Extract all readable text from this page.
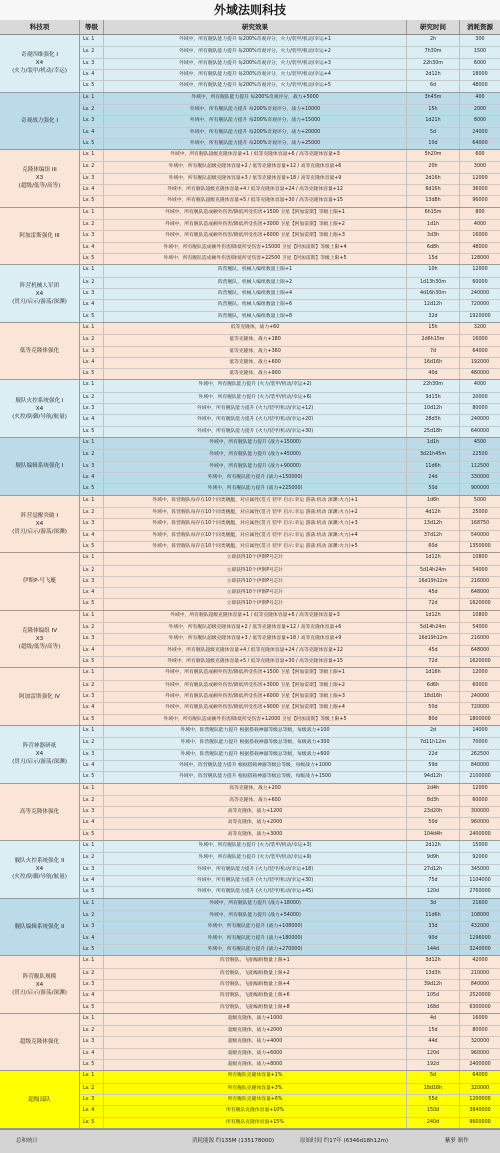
外域法则科技
科技项	等级	研究效果	研究时间	消耗资源
奇观四维强化 I
X4
(火力/装甲/机动/幸运)
Lv. 1	外域中，所有舰队能力提升 每200%奇观评分，火力/装甲/机动/幸运+1	2h	300
Lv. 2	外域中，所有舰队能力提升 每200%奇观评分，火力/装甲/机动/幸运+2	7h30m	1500
Lv. 3	外域中，所有舰队能力提升 每200%奇观评分，火力/装甲/机动/幸运+3	22h30m	6000
Lv. 4	外域中，所有舰队能力提升 每200%奇观评分，火力/装甲/机动/幸运+4	2d12h	18000
Lv. 5	外域中，所有舰队能力提升 每200%奇观评分，火力/装甲/机动/幸运+5	6d	48000
奇观战力强化 I
Lv. 1	外域中，所有舰队能力提升 每200%奇观评分，战力+5000	3h45m	400
Lv. 2	外域中，所有舰队能力提升 每200%奇观评分，战力+10000	15h	2000
Lv. 3	外域中，所有舰队能力提升 每200%奇观评分，战力+15000	1d21h	8000
Lv. 4	外域中，所有舰队能力提升 每200%奇观评分，战力+20000	5d	24000
Lv. 5	外域中，所有舰队能力提升 每200%奇观评分，战力+25000	10d	64000
克隆体编组 III
X3
(超级/低等/高等)
Lv. 1	外域中，所有舰队超级克隆体容量+1 / 低等克隆体容量+6 / 高等克隆体容量+3	5h20m	600
Lv. 2	外域中，所有舰队超级克隆体容量+2 / 低等克隆体容量+12 / 高等克隆体容量+6	20h	3000
Lv. 3	外域中，所有舰队超级克隆体容量+3 / 低等克隆体容量+18 / 高等克隆体容量+9	2d16h	12000
Lv. 4	外域中，所有舰队超级克隆体容量+4 / 低等克隆体容量+24 / 高等克隆体容量+12	6d16h	36000
Lv. 5	外域中，所有舰队超级克隆体容量+5 / 低等克隆体容量+30 / 高等克隆体容量+15	13d8h	96000
阿加雷斯强化 III
Lv. 1	外域中，所有舰队造成额外伤害/降低所受伤害+1500 卫星【阿加雷斯】等级上限+1	6h15m	800
Lv. 2	外域中，所有舰队造成额外伤害/降低所受伤害+3000 卫星【阿加雷斯】等级上限+2	1d1h	4000
Lv. 3	外域中，所有舰队造成额外伤害/降低所受伤害+6000 卫星【阿加雷斯】等级上限+3	3d3h	16000
Lv. 4	外域中，所有舰队造成额外伤害/降低所受伤害+15000 卫星【阿加雷斯】等级上限+4	6d8h	48000
Lv. 5	外域中，所有舰队造成额外伤害/降低所受伤害+22500 卫星【阿加雷斯】等级上限+5	15d	128000
阵营机械人军团
X4
(贯刃/启示/游荡/深渊)
Lv. 1	阵营舰队，机械人编组数量上限+1	10h	12000
Lv. 2	阵营舰队，机械人编组数量上限+2	1d13h30m	60000
Lv. 3	阵营舰队，机械人编组数量上限+4	4d16h30m	240000
Lv. 4	阵营舰队，机械人编组数量上限+6	12d12h	720000
Lv. 5	阵营舰队，机械人编组数量上限+8	32d	1920000
低等克隆体强化
Lv. 1	低等克隆体，战力+60	15h	3200
Lv. 2	低等克隆体，战力+180	2d6h15m	16000
Lv. 3	低等克隆体，战力+360	7d	64000
Lv. 4	低等克隆体，战力+600	16d16h	192000
Lv. 5	低等克隆体，战力+900	40d	480000
舰队火控系统强化 I
X4
(火控/防御/导航/航量)
Lv. 1	外域中，所有舰队能力提升 (火力/装甲/机动/幸运+2)	22h30m	4000
Lv. 2	外域中，所有舰队能力提升 (火力/装甲/机动/幸运+6)	3d13h	20000
Lv. 3	外域中，所有舰队能力提升 (火力/装甲/机动/幸运+12)	10d12h	80000
Lv. 4	外域中，所有舰队能力提升 (火力/装甲/机动/幸运+20)	28d3h	240000
Lv. 5	外域中，所有舰队能力提升 (火力/装甲/机动/幸运+30)	25d18h	640000
舰队编辑系统强化 I
Lv. 1	外域中，所有舰队能力提升 (战力+15000)	1d1h	4500
Lv. 2	外域中，所有舰队能力提升 (战力+45000)	3d21h45m	22500
Lv. 3	外域中，所有舰队能力提升 (战力+90000)	11d6h	112500
Lv. 4	外域中，所有舰队能力提升 (战力+150000)	24d	330000
Lv. 5	外域中，所有舰队能力提升 (战力+225000)	50d	900000
阵营觉醒突破 I
X4
(贯刃/启示/游荡/深渊)
Lv. 1	外域中，阵营舰队每存在10个同类舰艇，对应属性(贯刃 装甲 启示:幸运 游荡:机动 深渊:火力)+1	1d6h	5000
Lv. 2	外域中，阵营舰队每存在10个同类舰艇，对应属性(贯刃 装甲 启示:幸运 游荡:机动 深渊:火力)+2	4d12h	25000
Lv. 3	外域中，阵营舰队每存在10个同类舰艇，对应属性(贯刃 装甲 启示:幸运 游荡:机动 深渊:火力)+3	13d12h	168750
Lv. 4	外域中，阵营舰队每存在10个同类舰艇，对应属性(贯刃 装甲 启示:幸运 游荡:机动 深渊:火力)+4	37d12h	540000
Lv. 5	外域中，阵营舰队每存在10个同类舰艇，对应属性(贯刃 装甲 启示:幸运 游荡:机动 深渊:火力)+5	60d	1350000
伊斯P-号飞艇
Lv. 1	立即获得10个伊斯P号芯片	1d12h	10800
Lv. 2	立即获得10个伊斯P号芯片	5d14h24m	54000
Lv. 3	立即获得10个伊斯P号芯片	16d19h12m	216000
Lv. 4	立即获得10个伊斯P号芯片	45d	648000
Lv. 5	立即获得10个伊斯P号芯片	72d	1620000
克隆体编组 IV
X3
(超级/低等/高等)
Lv. 1	外域中，所有舰队超级克隆体容量+1 / 低等克隆体容量+6 / 高等克隆体容量+3	1d12h	10800
Lv. 2	外域中，所有舰队超级克隆体容量+2 / 低等克隆体容量+12 / 高等克隆体容量+6	5d14h24m	54000
Lv. 3	外域中，所有舰队超级克隆体容量+3 / 低等克隆体容量+18 / 高等克隆体容量+9	16d19h12m	216000
Lv. 4	外域中，所有舰队超级克隆体容量+4 / 低等克隆体容量+24 / 高等克隆体容量+12	45d	648000
Lv. 5	外域中，所有舰队超级克隆体容量+5 / 低等克隆体容量+30 / 高等克隆体容量+15	72d	1620000
阿加雷斯强化 IV
Lv. 1	外域中，所有舰队造成额外伤害/降低所受伤害+1500 卫星【阿加雷斯】等级上限+1	1d16h	12000
Lv. 2	外域中，所有舰队造成额外伤害/降低所受伤害+3000 卫星【阿加雷斯】等级上限+2	6d6h	60000
Lv. 3	外域中，所有舰队造成额外伤害/降低所受伤害+6000 卫星【阿加雷斯】等级上限+3	18d16h	240000
Lv. 4	外域中，所有舰队造成额外伤害/降低所受伤害+9000 卫星【阿加雷斯】等级上限+4	50d	720000
Lv. 5	外域中，所有舰队造成额外伤害/降低所受伤害+12000 卫星【阿加雷斯】等级上限+5	80d	1800000
阵营神器研祇
X4
(贯刃/启示/游荡/深渊)
Lv. 1	外域中，阵营舰队能力提升 根据搭载神器等级总等级，每级战力+100	2d	14000
Lv. 2	外域中，阵营舰队能力提升 根据搭载神器等级总等级，每级战力+300	7d11h12m	70000
Lv. 3	外域中，阵营舰队能力提升 根据搭载神器等级总等级，每级战力+600	22d	262500
Lv. 4	外域中，阵营舰队能力提升 根据搭载神器等级总等级，每级战力+1000	59d	840000
Lv. 5	外域中，阵营舰队能力提升 根据搭载神器等级总等级，每级战力+1500	94d12h	2100000
高等克隆体强化
Lv. 1	高等克隆体，战力+200	2d4h	12000
Lv. 2	高等克隆体，战力+600	8d3h	60000
Lv. 3	高等克隆体，战力+1200	23d20h	300000
Lv. 4	高等克隆体，战力+2000	50d	960000
Lv. 5	高等克隆体，战力+3000	104d4h	2400000
舰队火控系统强化 II
X4
(火控/防御/导航/航量)
Lv. 1	外域中，所有舰队能力提升 (火力/装甲/机动/幸运+3)	2d12h	15000
Lv. 2	外域中，所有舰队能力提升 (火力/装甲/机动/幸运+9)	9d9h	92000
Lv. 3	外域中，所有舰队能力提升 (火力/装甲/机动/幸运+18)	27d12h	345000
Lv. 4	外域中，所有舰队能力提升 (火力/装甲/机动/幸运+30)	75d	1104000
Lv. 5	外域中，所有舰队能力提升 (火力/装甲/机动/幸运+45)	120d	2760000
舰队编辑系统强化 II
Lv. 1	外域中，所有舰队能力提升 (战力+18000)	3d	21600
Lv. 2	外域中，所有舰队能力提升 (战力+54000)	11d6h	108000
Lv. 3	外域中，所有舰队能力提升 (战力+108000)	33d	432000
Lv. 4	外域中，所有舰队能力提升 (战力+180000)	90d	1296000
Lv. 5	外域中，所有舰队能力提升 (战力+270000)	144d	3240000
阵营舰队规模
X4
(贯刃/启示/游荡/深渊)
Lv. 1	阵营舰队，飞船编组数量上限+1	3d12h	42000
Lv. 2	阵营舰队，飞船编组数量上限+2	13d3h	210000
Lv. 3	阵营舰队，飞船编组数量上限+4	39d12h	840000
Lv. 4	阵营舰队，飞船编组数量上限+6	105d	2520000
Lv. 5	阵营舰队，飞船编组数量上限+8	168d	6300000
超级克隆体强化
Lv. 1	超级克隆体，战力+1000	4d	16000
Lv. 2	超级克隆体，战力+2000	15d	80000
Lv. 3	超级克隆体，战力+4000	44d	320000
Lv. 4	超级克隆体，战力+6000	120d	960000
Lv. 5	超级克隆体，战力+8000	192d	2400000
超级部队
Lv. 1	所有舰队克隆体容量+1%	5d	64000
Lv. 2	所有舰队克隆体容量+3%	18d16h	320000
Lv. 3	所有舰队克隆体容量+6%	55d	1200000
Lv. 4	所有舰队克隆体容量+10%	150d	3840000
Lv. 5	所有舰队克隆体容量+15%	240d	9600000
总和统计	消耗能源 约135M (135178000)	原始时间 约17年 (6346d18h12m)	紫萝 制作
